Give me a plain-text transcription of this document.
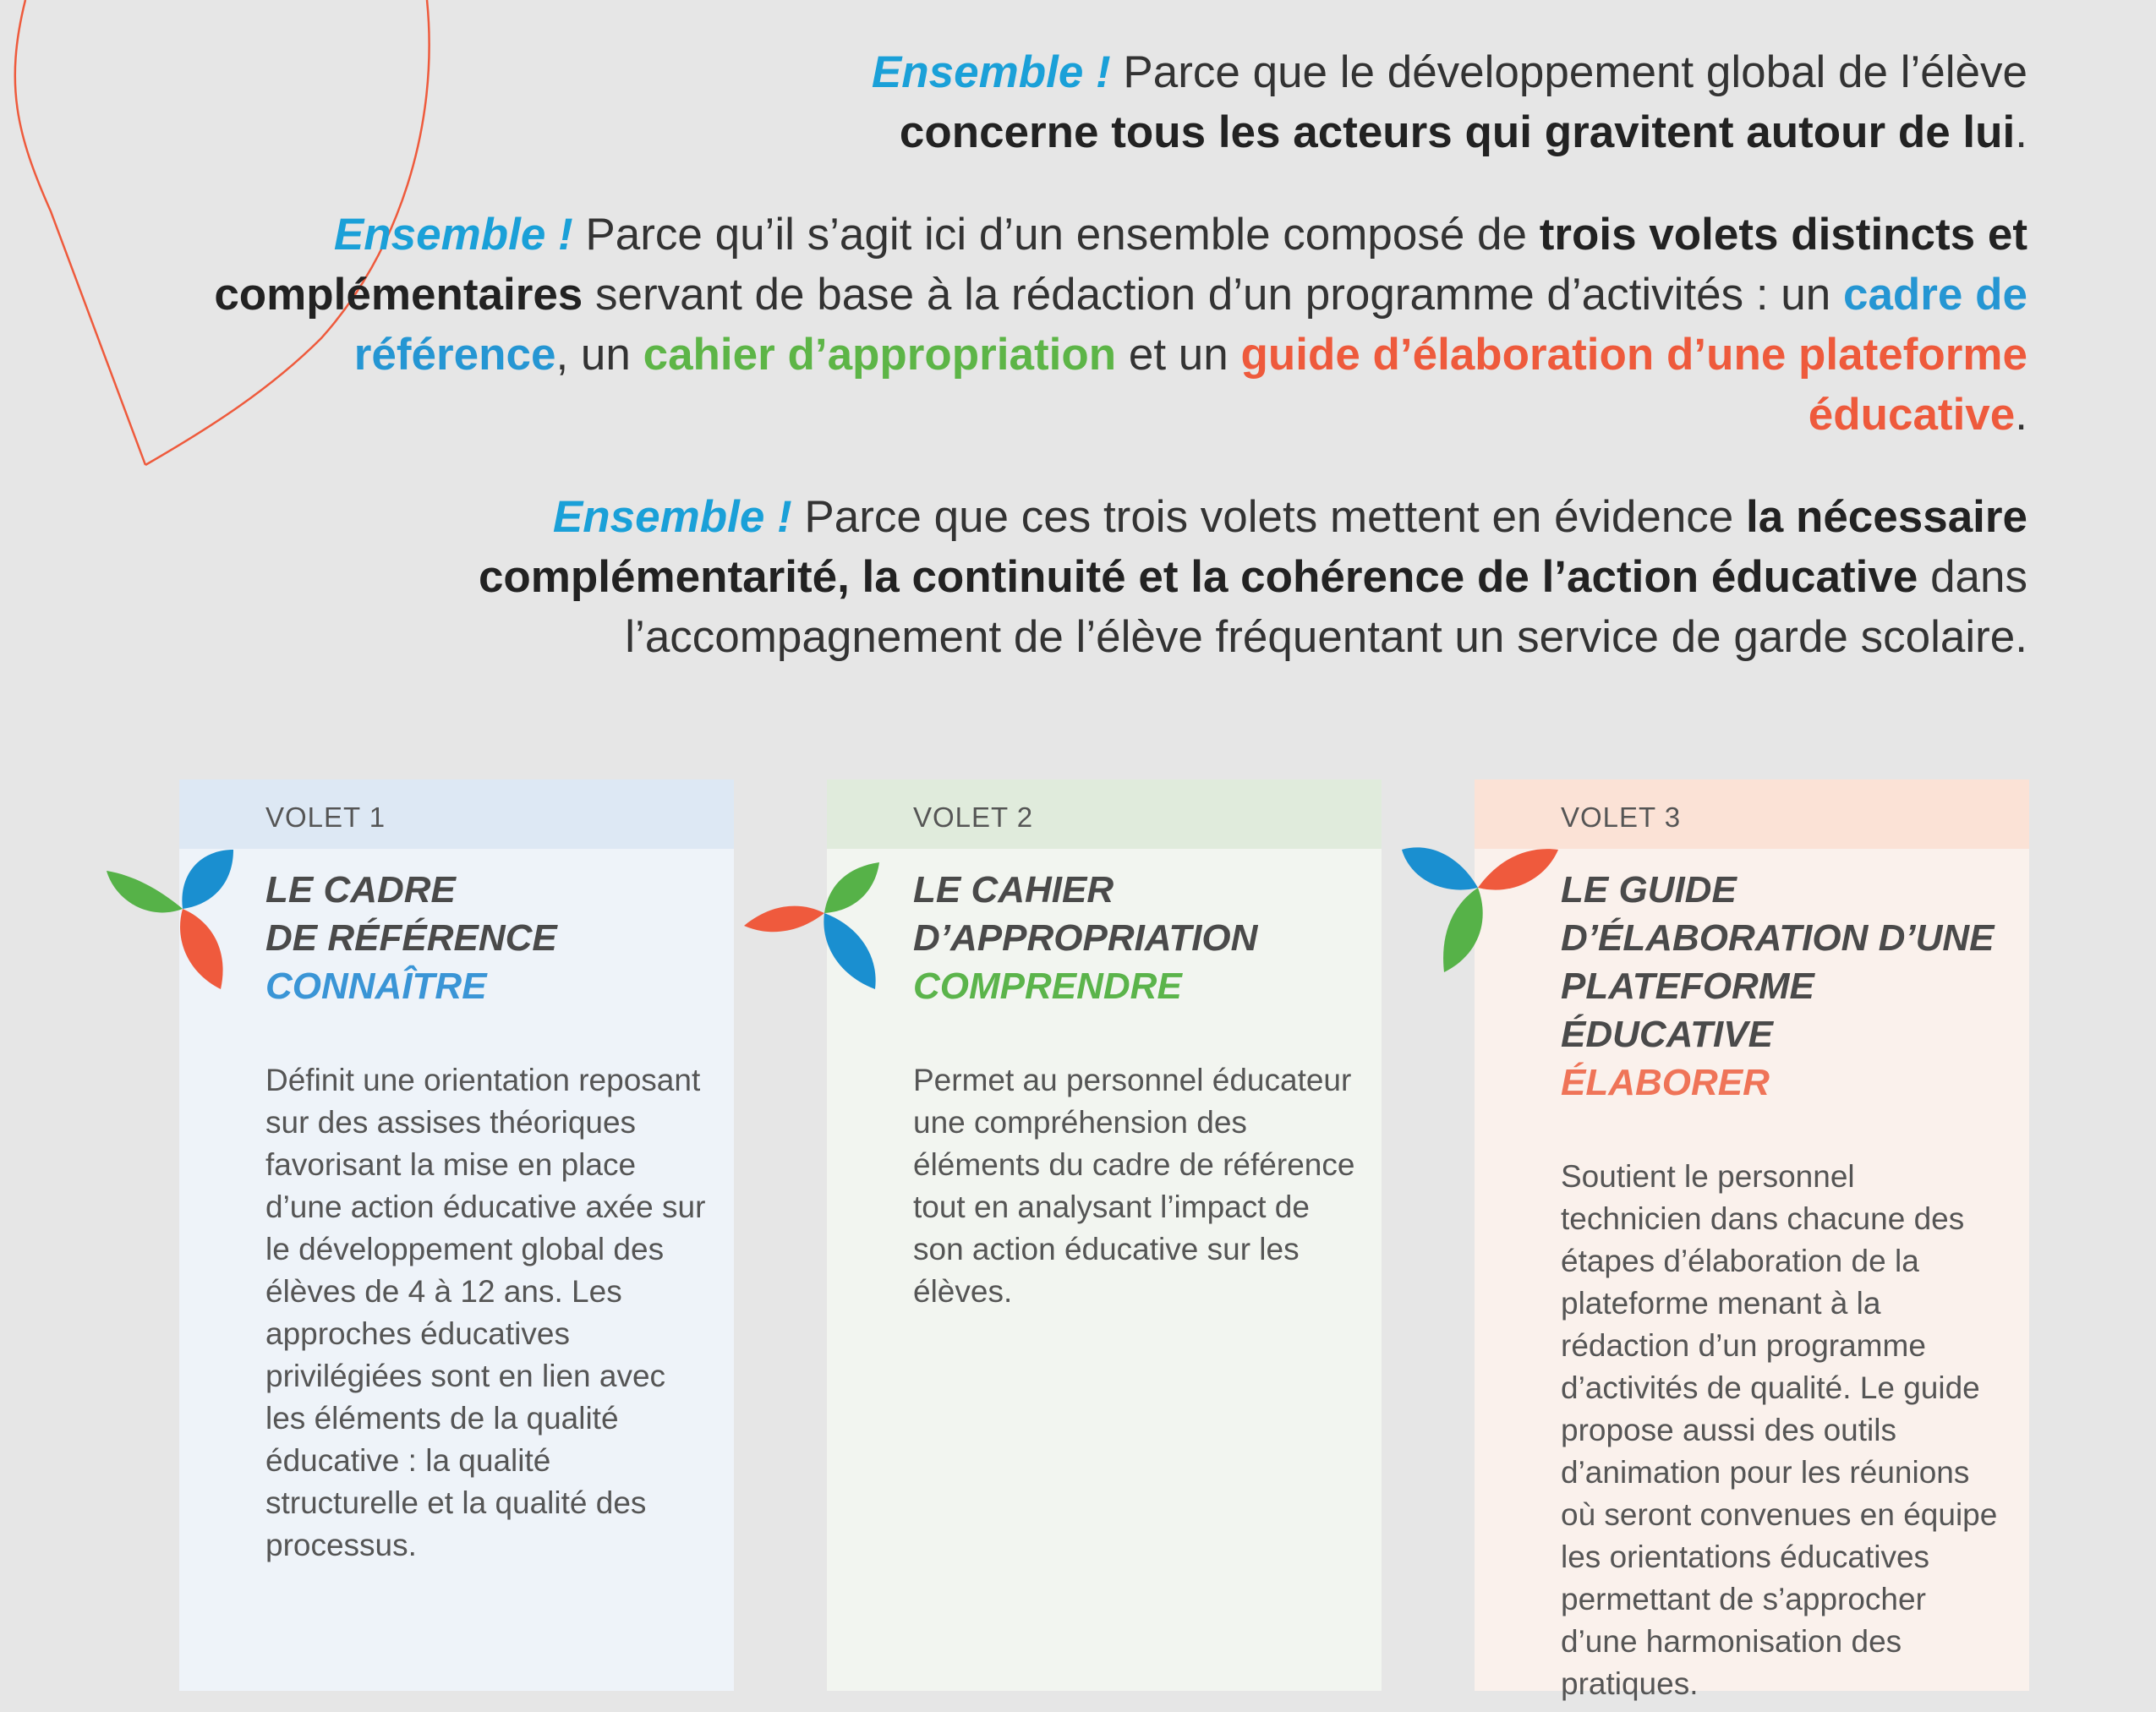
Ensemble ! Parce que le développement global de l’élève
concerne tous les acteurs qui gravitent autour de lui.

Ensemble ! Parce qu’il s’agit ici d’un ensemble composé de trois volets distincts et complémentaires servant de base à la rédaction d’un programme d’activités : un cadre de référence, un cahier d’appropriation et un guide d’élaboration d’une plateforme éducative.

Ensemble ! Parce que ces trois volets mettent en évidence la nécessaire complémentarité, la continuité et la cohérence de l’action éducative dans l’accompagnement de l’élève fréquentant un service de garde scolaire.

VOLET 1
LE CADRE
DE RÉFÉRENCE
CONNAÎTRE
Définit une orientation reposant sur des assises théoriques favorisant la mise en place d’une action éducative axée sur le développement global des élèves de 4 à 12 ans. Les approches éducatives privilégiées sont en lien avec les éléments de la qualité éducative : la qualité structurelle et la qualité des processus.
VOLET 2
LE CAHIER
D’APPROPRIATION
COMPRENDRE
Permet au personnel éducateur une compréhension des éléments du cadre de référence tout en analysant l’impact de son action éducative sur les élèves.
VOLET 3
LE GUIDE
D’ÉLABORATION D’UNE
PLATEFORME ÉDUCATIVE
ÉLABORER
Soutient le personnel technicien dans chacune des étapes d’élaboration de la plateforme menant à la rédaction d’un programme d’activités de qualité. Le guide propose aussi des outils d’animation pour les réunions où seront convenues en équipe les orientations éducatives permettant de s’approcher d’une harmonisation des pratiques.
